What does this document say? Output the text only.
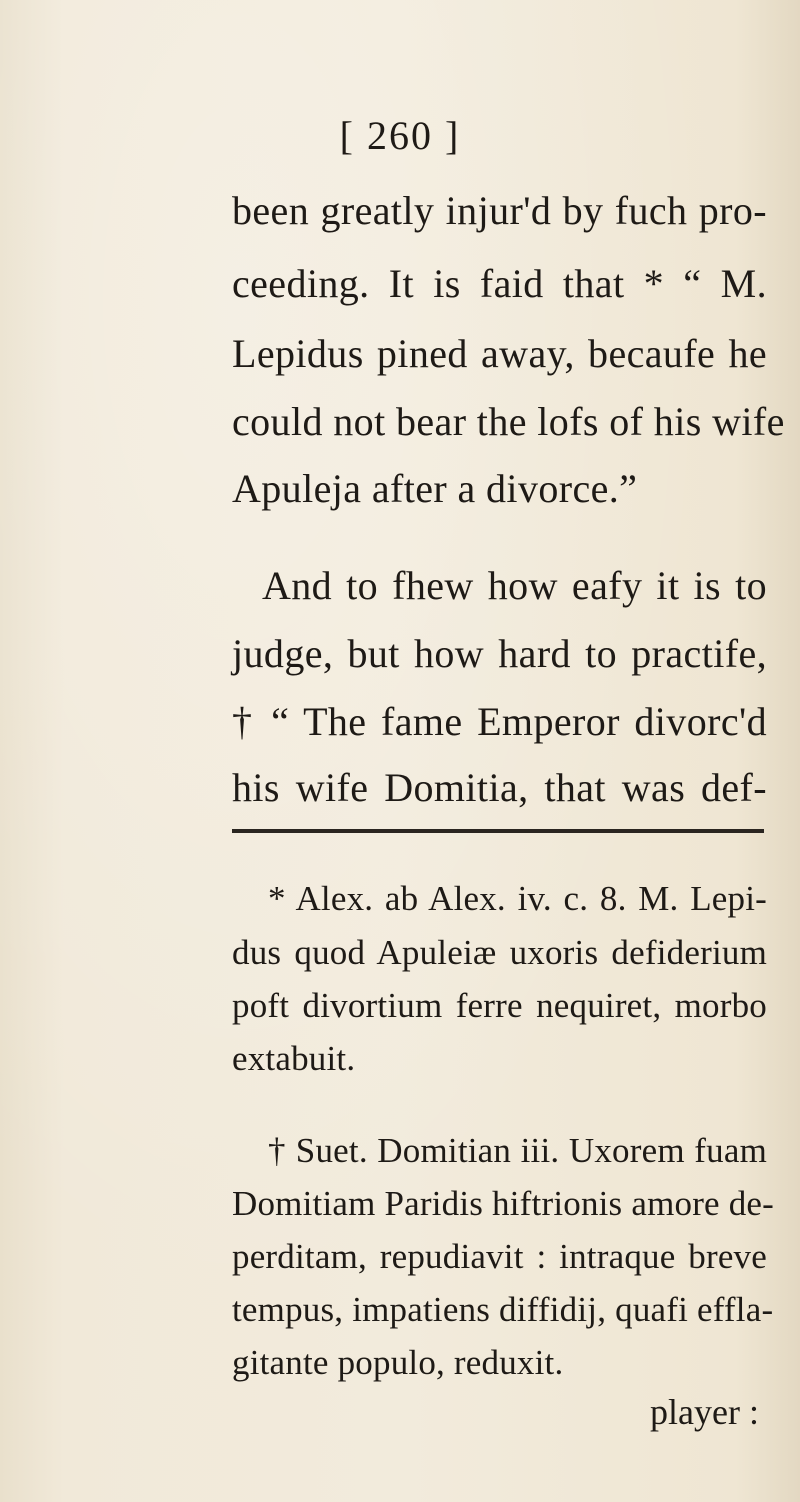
[ 260 ]
been greatly injur'd by fuch pro-
ceeding. It is faid that * “ M.
Lepidus pined away, becaufe he
could not bear the lofs of his wife
Apuleja after a divorce.”
And to fhew how eafy it is to
judge, but how hard to practife,
† “ The fame Emperor divorc'd
his wife Domitia, that was def-
* Alex. ab Alex. iv. c. 8. M. Lepi-
dus quod Apuleiæ uxoris defiderium
poft divortium ferre nequiret, morbo
extabuit.
† Suet. Domitian iii. Uxorem fuam
Domitiam Paridis hiftrionis amore de-
perditam, repudiavit : intraque breve
tempus, impatiens diffidij, quafi effla-
gitante populo, reduxit.
player :
